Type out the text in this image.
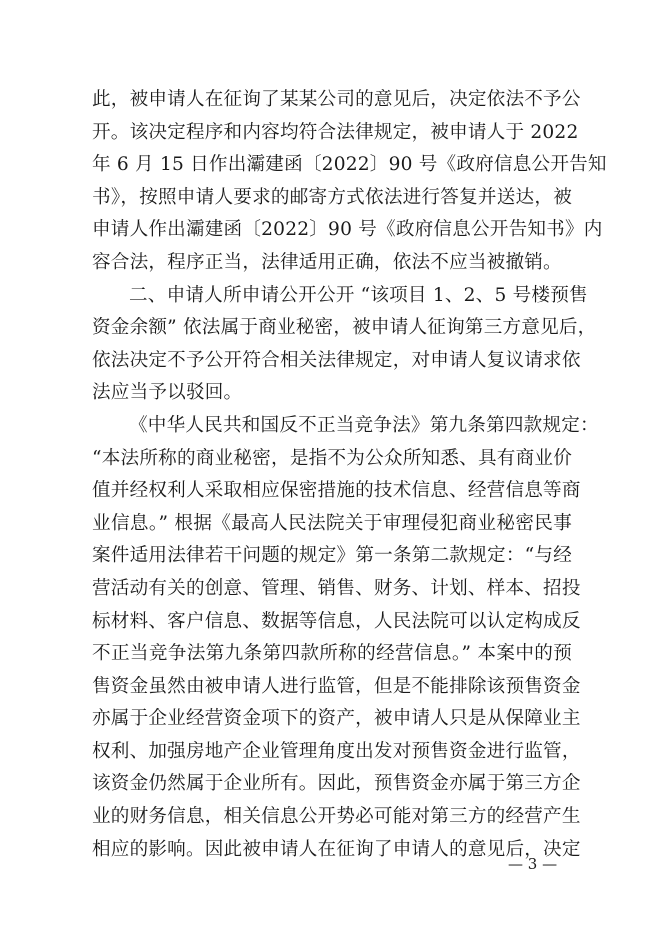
此，被申请人在征询了某某公司的意见后，决定依法不予公
开。该决定程序和内容均符合法律规定，被申请人于 2022
年 6 月 15 日作出灞建函〔2022〕90 号《政府信息公开告知
书》，按照申请人要求的邮寄方式依法进行答复并送达，被
申请人作出灞建函〔2022〕90 号《政府信息公开告知书》内
容合法，程序正当，法律适用正确，依法不应当被撤销。
二、申请人所申请公开公开 “该项目 1、2、5 号楼预售
资金余额” 依法属于商业秘密，被申请人征询第三方意见后，
依法决定不予公开符合相关法律规定，对申请人复议请求依
法应当予以驳回。
《中华人民共和国反不正当竞争法》第九条第四款规定：
“本法所称的商业秘密，是指不为公众所知悉、具有商业价
值并经权利人采取相应保密措施的技术信息、经营信息等商
业信息。” 根据《最高人民法院关于审理侵犯商业秘密民事
案件适用法律若干问题的规定》第一条第二款规定：“与经
营活动有关的创意、管理、销售、财务、计划、样本、招投
标材料、客户信息、数据等信息，人民法院可以认定构成反
不正当竞争法第九条第四款所称的经营信息。” 本案中的预
售资金虽然由被申请人进行监管，但是不能排除该预售资金
亦属于企业经营资金项下的资产，被申请人只是从保障业主
权利、加强房地产企业管理角度出发对预售资金进行监管，
该资金仍然属于企业所有。因此，预售资金亦属于第三方企
业的财务信息，相关信息公开势必可能对第三方的经营产生
相应的影响。因此被申请人在征询了申请人的意见后，决定
— 3 —
